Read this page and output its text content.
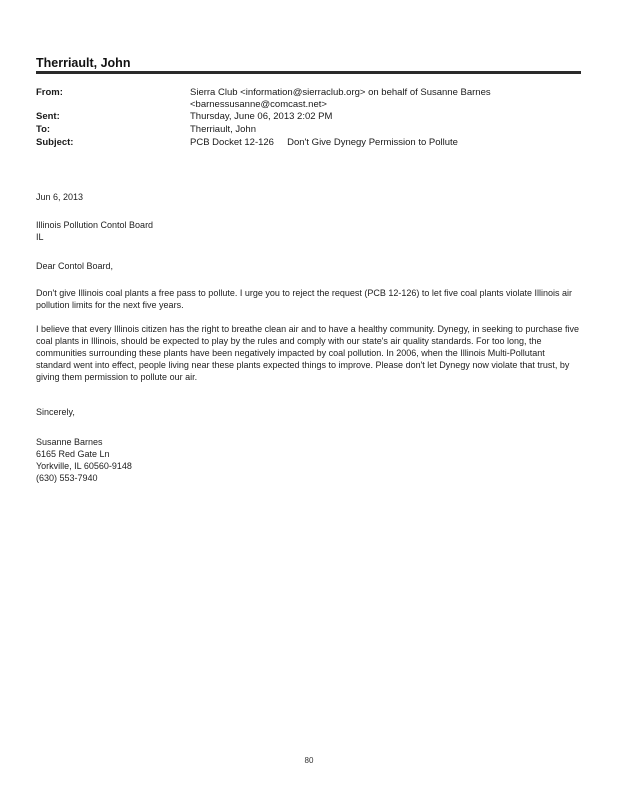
Therriault, John
From:	Sierra Club <information@sierraclub.org> on behalf of Susanne Barnes
<barnessusanne@comcast.net>
Sent:	Thursday, June 06, 2013 2:02 PM
To:	Therriault, John
Subject:	PCB Docket 12-126     Don't Give Dynegy Permission to Pollute
Jun 6, 2013

Illinois Pollution Contol Board

IL

Dear Contol Board,
Don't give Illinois coal plants a free pass to pollute. I urge you to reject the request (PCB 12-126) to let five coal plants violate Illinois air pollution limits for the next five years.
I believe that every Illinois citizen has the right to breathe clean air and to have a healthy community. Dynegy, in seeking to purchase five coal plants in Illinois, should be expected to play by the rules and comply with our state's air quality standards. For too long, the communities surrounding these plants have been negatively impacted by coal pollution. In 2006, when the Illinois Multi-Pollutant standard went into effect, people living near these plants expected things to improve. Please don't let Dynegy now violate that trust, by giving them permission to pollute our air.
Sincerely,

Susanne Barnes

6165 Red Gate Ln

Yorkville, IL 60560-9148

(630) 553-7940

80
